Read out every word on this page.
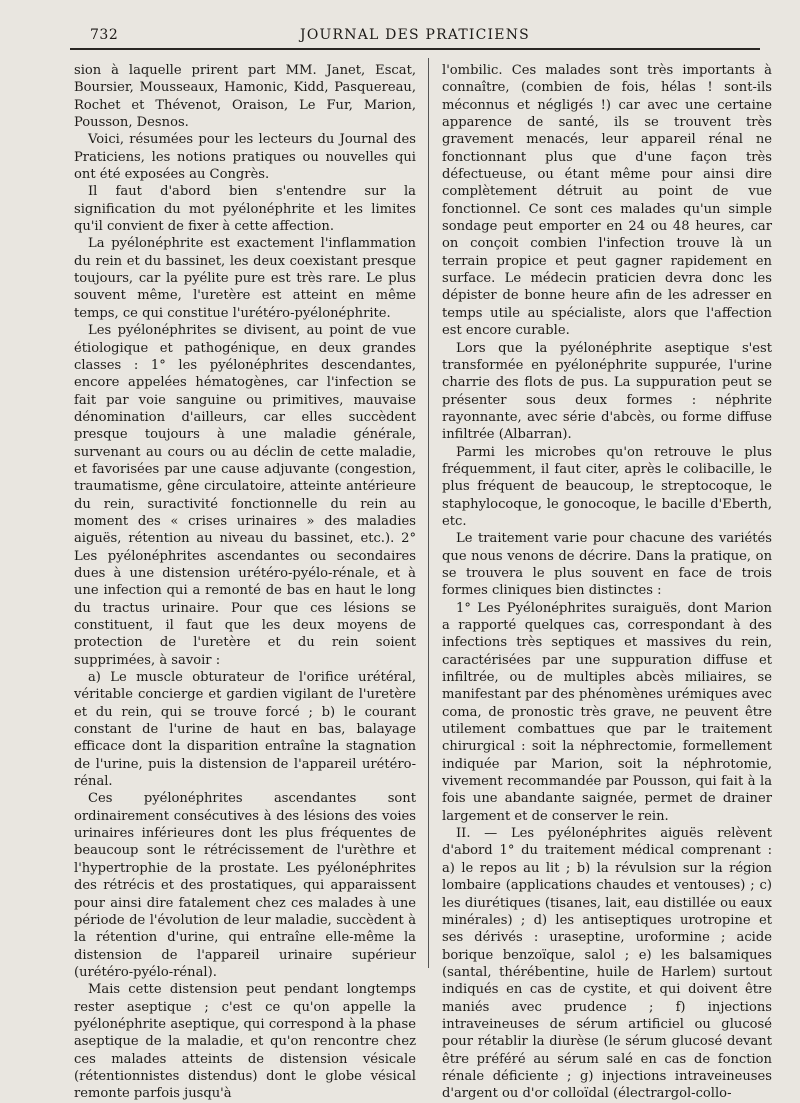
732	JOURNAL DES PRATICIENS

sion à laquelle prirent part MM. Janet, Escat, Boursier, Mousseaux, Hamonic, Kidd, Pasquereau, Rochet et Thévenot, Oraison, Le Fur, Marion, Pousson, Desnos.

Voici, résumées pour les lecteurs du Journal des Praticiens, les notions pratiques ou nouvelles qui ont été exposées au Congrès.

Il faut d'abord bien s'entendre sur la signification du mot pyélonéphrite et les limites qu'il convient de fixer à cette affection.

La pyélonéphrite est exactement l'inflammation du rein et du bassinet, les deux coexistant presque toujours, car la pyélite pure est très rare. Le plus souvent même, l'uretère est atteint en même temps, ce qui constitue l'urétéro-pyélonéphrite.

Les pyélonéphrites se divisent, au point de vue étiologique et pathogénique, en deux grandes classes : 1° les pyélonéphrites descendantes, encore appelées hématogènes, car l'infection se fait par voie sanguine ou primitives, mauvaise dénomination d'ailleurs, car elles succèdent presque toujours à une maladie générale, survenant au cours ou au déclin de cette maladie, et favorisées par une cause adjuvante (congestion, traumatisme, gêne circulatoire, atteinte antérieure du rein, suractivité fonctionnelle du rein au moment des « crises urinaires » des maladies aiguës, rétention au niveau du bassinet, etc.). 2° Les pyélonéphrites ascendantes ou secondaires dues à une distension urétéro-pyélo-rénale, et à une infection qui a remonté de bas en haut le long du tractus urinaire. Pour que ces lésions se constituent, il faut que les deux moyens de protection de l'uretère et du rein soient supprimées, à savoir :

a) Le muscle obturateur de l'orifice urétéral, véritable concierge et gardien vigilant de l'uretère et du rein, qui se trouve forcé ; b) le courant constant de l'urine de haut en bas, balayage efficace dont la disparition entraîne la stagnation de l'urine, puis la distension de l'appareil urétéro-rénal.

Ces pyélonéphrites ascendantes sont ordinairement consécutives à des lésions des voies urinaires inférieures dont les plus fréquentes de beaucoup sont le rétrécissement de l'urèthre et l'hypertrophie de la prostate. Les pyélonéphrites des rétrécis et des prostatiques, qui apparaissent pour ainsi dire fatalement chez ces malades à une période de l'évolution de leur maladie, succèdent à la rétention d'urine, qui entraîne elle-même la distension de l'appareil urinaire supérieur (urétéro-pyélo-rénal).

Mais cette distension peut pendant longtemps rester aseptique ; c'est ce qu'on appelle la pyélonéphrite aseptique, qui correspond à la phase aseptique de la maladie, et qu'on rencontre chez ces malades atteints de distension vésicale (rétentionnistes distendus) dont le globe vésical remonte parfois jusqu'à

l'ombilic. Ces malades sont très importants à connaître, (combien de fois, hélas ! sont-ils méconnus et négligés !) car avec une certaine apparence de santé, ils se trouvent très gravement menacés, leur appareil rénal ne fonctionnant plus que d'une façon très défectueuse, ou étant même pour ainsi dire complètement détruit au point de vue fonctionnel. Ce sont ces malades qu'un simple sondage peut emporter en 24 ou 48 heures, car on conçoit combien l'infection trouve là un terrain propice et peut gagner rapidement en surface. Le médecin praticien devra donc les dépister de bonne heure afin de les adresser en temps utile au spécialiste, alors que l'affection est encore curable.

Lors que la pyélonéphrite aseptique s'est transformée en pyélonéphrite suppurée, l'urine charrie des flots de pus. La suppuration peut se présenter sous deux formes : néphrite rayonnante, avec série d'abcès, ou forme diffuse infiltrée (Albarran).

Parmi les microbes qu'on retrouve le plus fréquemment, il faut citer, après le colibacille, le plus fréquent de beaucoup, le streptocoque, le staphylocoque, le gonocoque, le bacille d'Eberth, etc.

Le traitement varie pour chacune des variétés que nous venons de décrire. Dans la pratique, on se trouvera le plus souvent en face de trois formes cliniques bien distinctes :

1° Les Pyélonéphrites suraiguës, dont Marion a rapporté quelques cas, correspondant à des infections très septiques et massives du rein, caractérisées par une suppuration diffuse et infiltrée, ou de multiples abcès miliaires, se manifestant par des phénomènes urémiques avec coma, de pronostic très grave, ne peuvent être utilement combattues que par le traitement chirurgical : soit la néphrectomie, formellement indiquée par Marion, soit la néphrotomie, vivement recommandée par Pousson, qui fait à la fois une abandante saignée, permet de drainer largement et de conserver le rein.

II. — Les pyélonéphrites aiguës relèvent d'abord 1° du traitement médical comprenant : a) le repos au lit ; b) la révulsion sur la région lombaire (applications chaudes et ventouses) ; c) les diurétiques (tisanes, lait, eau distillée ou eaux minérales) ; d) les antiseptiques urotropine et ses dérivés : uraseptine, uroformine ; acide borique benzoïque, salol ; e) les balsamiques (santal, thérébentine, huile de Harlem) surtout indiqués en cas de cystite, et qui doivent être maniés avec prudence ; f) injections intraveineuses de sérum artificiel ou glucosé pour rétablir la diurèse (le sérum glucosé devant être préféré au sérum salé en cas de fonction rénale déficiente ; g) injections intraveineuses d'argent ou d'or colloïdal (électrargol-collo-
